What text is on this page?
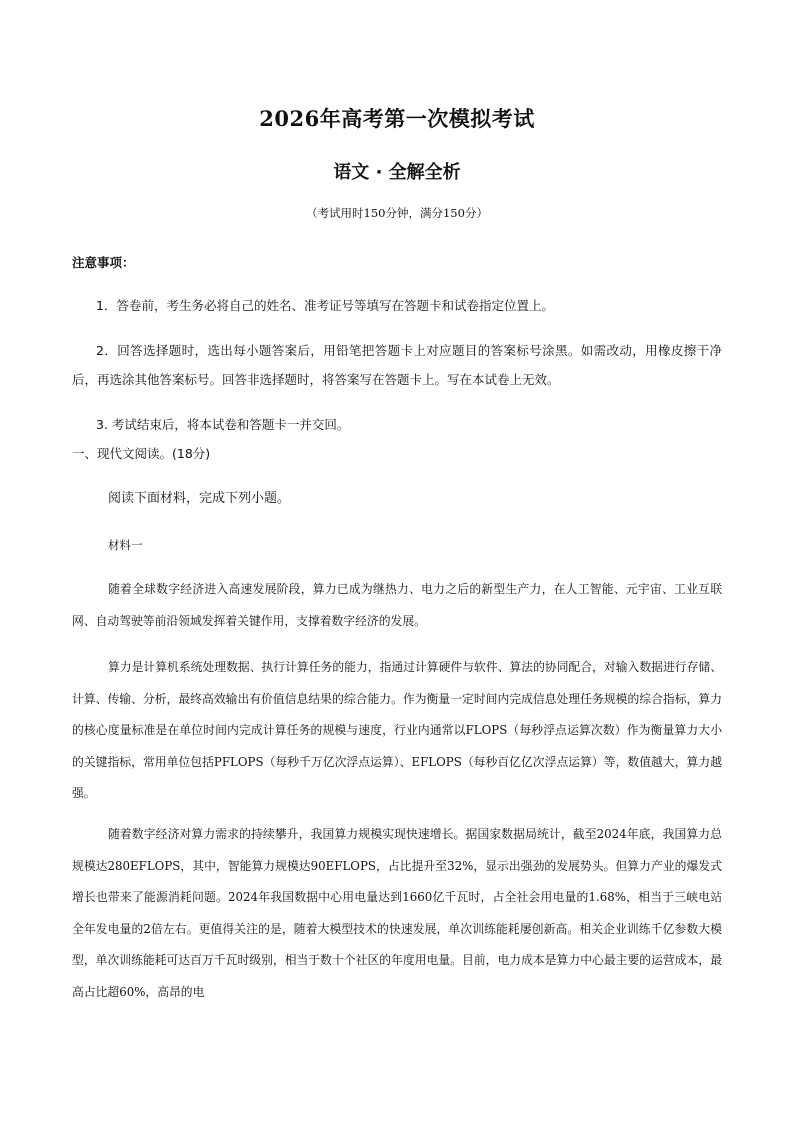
2026年高考第一次模拟考试
语文 · 全解全析
（考试用时150分钟，满分150分）
注意事项：
1．答卷前，考生务必将自己的姓名、准考证号等填写在答题卡和试卷指定位置上。
2．回答选择题时，选出每小题答案后，用铅笔把答题卡上对应题目的答案标号涂黑。如需改动，用橡皮擦干净后，再选涂其他答案标号。回答非选择题时，将答案写在答题卡上。写在本试卷上无效。
3. 考试结束后，将本试卷和答题卡一并交回。
一、现代文阅读。(18分)
阅读下面材料，完成下列小题。
材料一
随着全球数字经济进入高速发展阶段，算力已成为继热力、电力之后的新型生产力，在人工智能、元宇宙、工业互联网、自动驾驶等前沿领域发挥着关键作用，支撑着数字经济的发展。
算力是计算机系统处理数据、执行计算任务的能力，指通过计算硬件与软件、算法的协同配合，对输入数据进行存储、计算、传输、分析，最终高效输出有价值信息结果的综合能力。作为衡量一定时间内完成信息处理任务规模的综合指标，算力的核心度量标准是在单位时间内完成计算任务的规模与速度，行业内通常以FLOPS（每秒浮点运算次数）作为衡量算力大小的关键指标，常用单位包括PFLOPS（每秒千万亿次浮点运算）、EFLOPS（每秒百亿亿次浮点运算）等，数值越大，算力越强。
随着数字经济对算力需求的持续攀升，我国算力规模实现快速增长。据国家数据局统计，截至2024年底，我国算力总规模达280EFLOPS，其中，智能算力规模达90EFLOPS，占比提升至32%，显示出强劲的发展势头。但算力产业的爆发式增长也带来了能源消耗问题。2024年我国数据中心用电量达到1660亿千瓦时，占全社会用电量的1.68%，相当于三峡电站全年发电量的2倍左右。更值得关注的是，随着大模型技术的快速发展，单次训练能耗屡创新高。相关企业训练千亿参数大模型，单次训练能耗可达百万千瓦时级别，相当于数十个社区的年度用电量。目前，电力成本是算力中心最主要的运营成本，最高占比超60%，高昂的电
